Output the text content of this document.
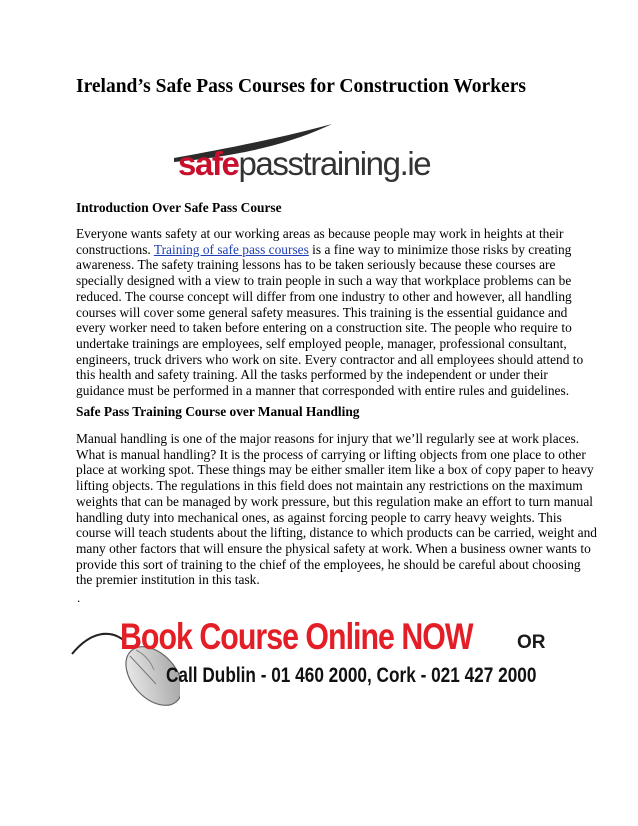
Ireland’s Safe Pass Courses for Construction Workers
safepasstraining.ie
Introduction Over Safe Pass Course
Everyone wants safety at our working areas as because people may work in heights at their
constructions. Training of safe pass courses is a fine way to minimize those risks by creating
awareness. The safety training lessons has to be taken seriously because these courses are
specially designed with a view to train people in such a way that workplace problems can be
reduced. The course concept will differ from one industry to other and however, all handling
courses will cover some general safety measures. This training is the essential guidance and
every worker need to taken before entering on a construction site. The people who require to
undertake trainings are employees, self employed people, manager, professional consultant,
engineers, truck drivers who work on site. Every contractor and all employees should attend to
this health and safety training. All the tasks performed by the independent or under their
guidance must be performed in a manner that corresponded with entire rules and guidelines.
Safe Pass Training Course over Manual Handling
Manual handling is one of the major reasons for injury that we’ll regularly see at work places.
What is manual handling? It is the process of carrying or lifting objects from one place to other
place at working spot. These things may be either smaller item like a box of copy paper to heavy
lifting objects. The regulations in this field does not maintain any restrictions on the maximum
weights that can be managed by work pressure, but this regulation make an effort to turn manual
handling duty into mechanical ones, as against forcing people to carry heavy weights. This
course will teach students about the lifting, distance to which products can be carried, weight and
many other factors that will ensure the physical safety at work. When a business owner wants to
provide this sort of training to the chief of the employees, he should be careful about choosing
the premier institution in this task.
.
Book Course Online NOW OR
Call Dublin - 01 460 2000, Cork - 021 427 2000
